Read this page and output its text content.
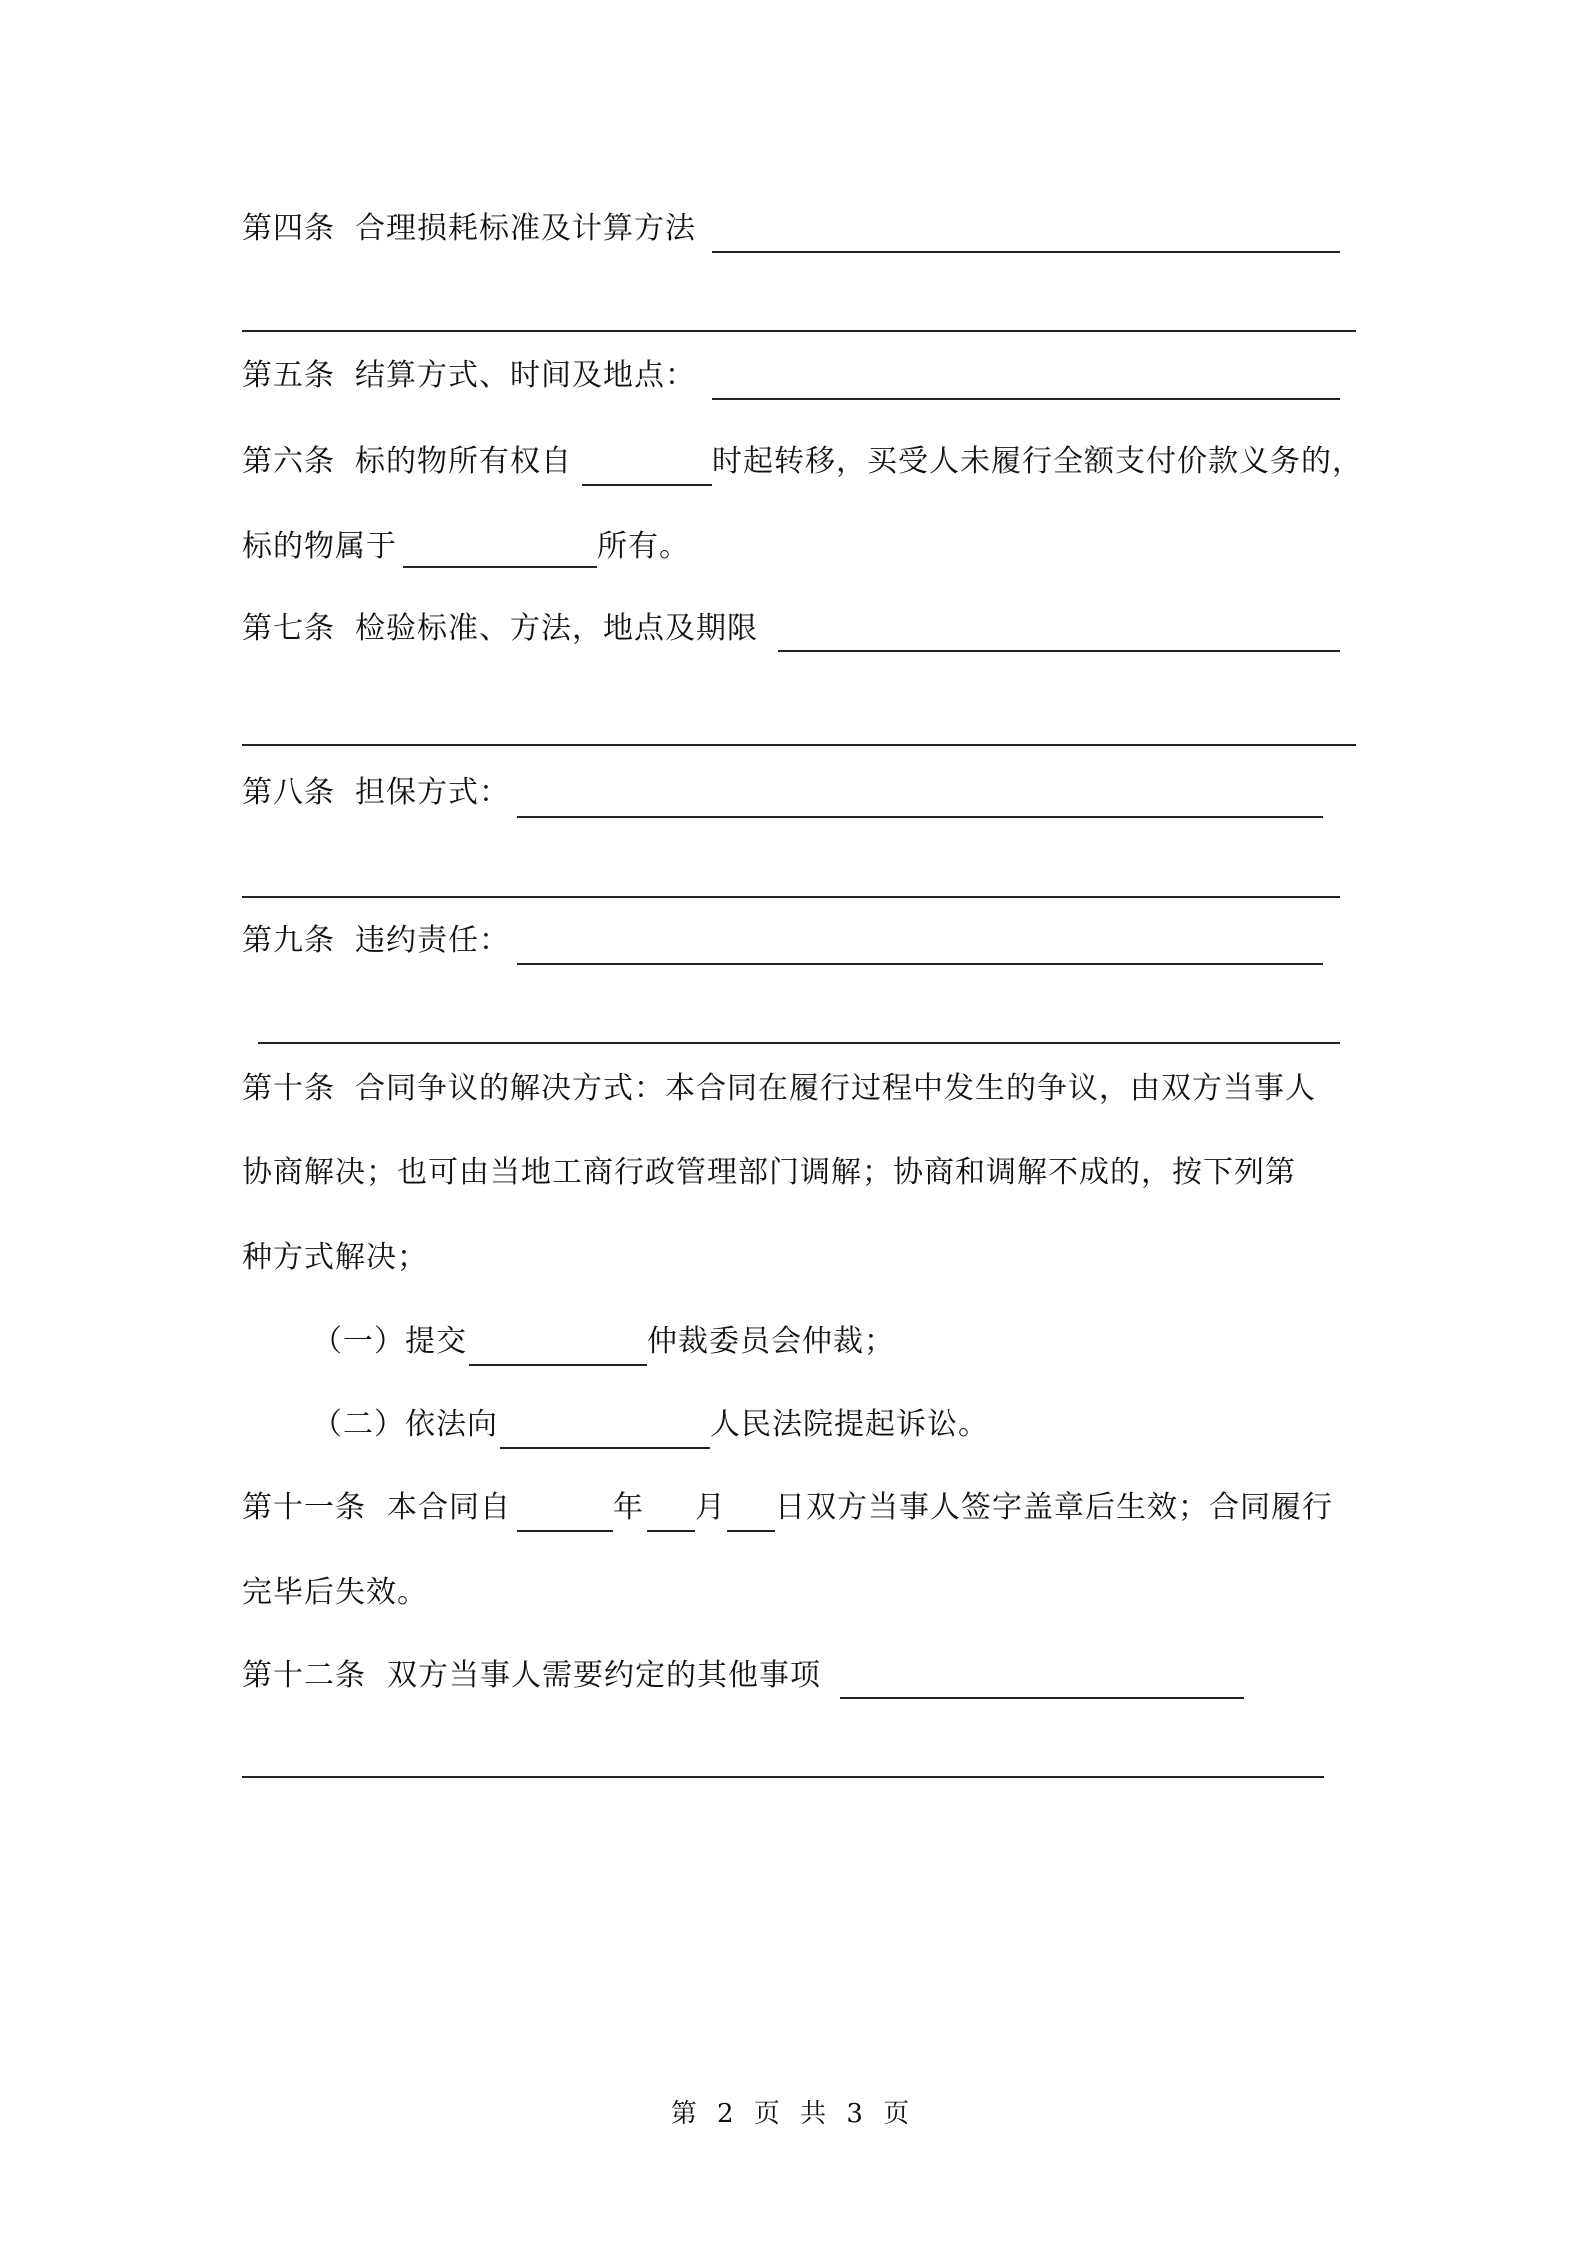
第四条 合理损耗标准及计算方法
第五条 结算方式、时间及地点：
第六条 标的物所有权自	时起转移，买受人未履行全额支付价款义务的，
标的物属于	所有。
第七条 检验标准、方法，地点及期限
第八条 担保方式：
第九条 违约责任：
第十条 合同争议的解决方式：本合同在履行过程中发生的争议，由双方当事人
协商解决；也可由当地工商行政管理部门调解；协商和调解不成的，按下列第
种方式解决；
（一）提交	仲裁委员会仲裁；
（二）依法向	人民法院提起诉讼。
第十一条 本合同自	年 月 日双方当事人签字盖章后生效；合同履行
完毕后失效。
第十二条 双方当事人需要约定的其他事项
第 2 页 共 3 页
